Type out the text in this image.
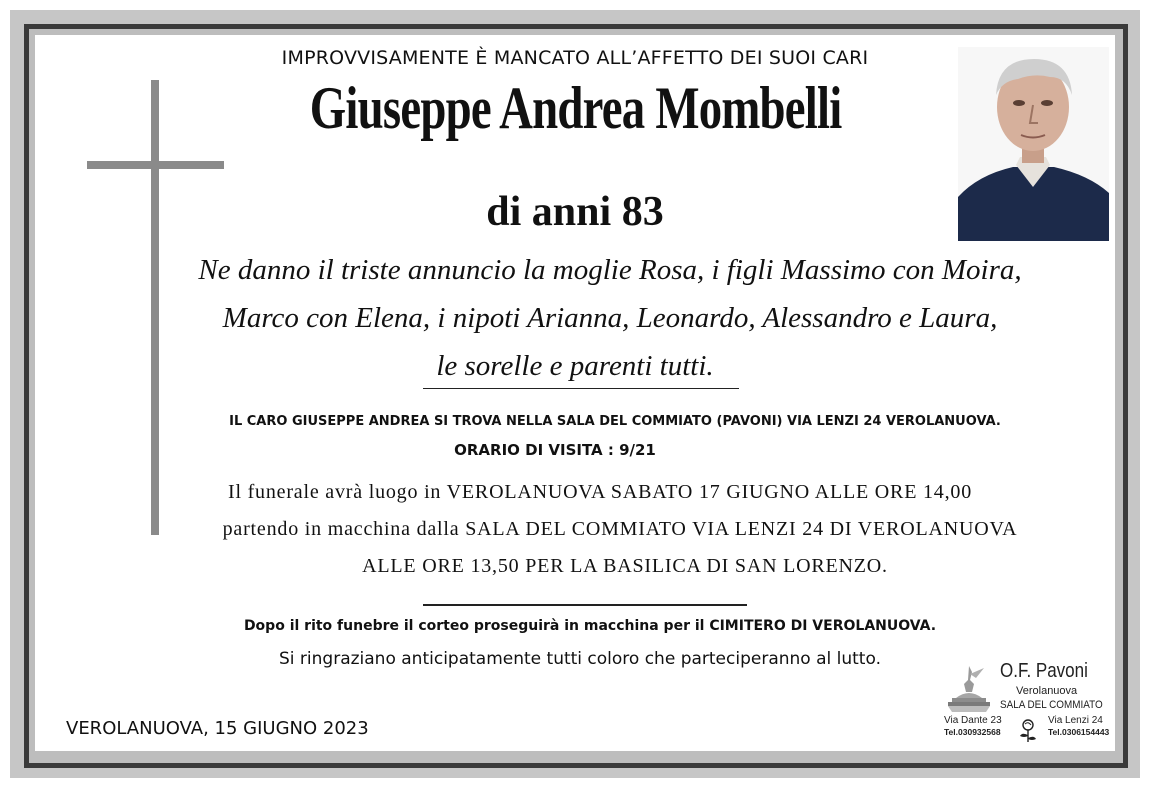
IMPROVVISAMENTE È MANCATO ALL’AFFETTO DEI SUOI CARI
Giuseppe Andrea Mombelli
di anni 83
Ne danno il triste annuncio la moglie Rosa, i figli Massimo con Moira,
Marco con Elena, i nipoti Arianna, Leonardo, Alessandro e Laura,
le sorelle e parenti tutti.
IL CARO GIUSEPPE ANDREA SI TROVA NELLA SALA DEL COMMIATO (PAVONI) VIA LENZI 24 VEROLANUOVA.
ORARIO DI VISITA : 9/21
Il funerale avrà luogo in VEROLANUOVA SABATO 17 GIUGNO ALLE ORE 14,00
partendo in macchina dalla SALA DEL COMMIATO VIA LENZI 24 DI VEROLANUOVA
ALLE ORE 13,50 PER LA BASILICA DI SAN LORENZO.
Dopo il rito funebre il corteo proseguirà in macchina per il CIMITERO DI VEROLANUOVA.
Si ringraziano anticipatamente tutti coloro che parteciperanno al lutto.
VEROLANUOVA, 15 GIUGNO 2023
O.F. Pavoni
Verolanuova
SALA DEL COMMIATO
Via Dante 23
Tel.030932568
Via Lenzi 24
Tel.0306154443
